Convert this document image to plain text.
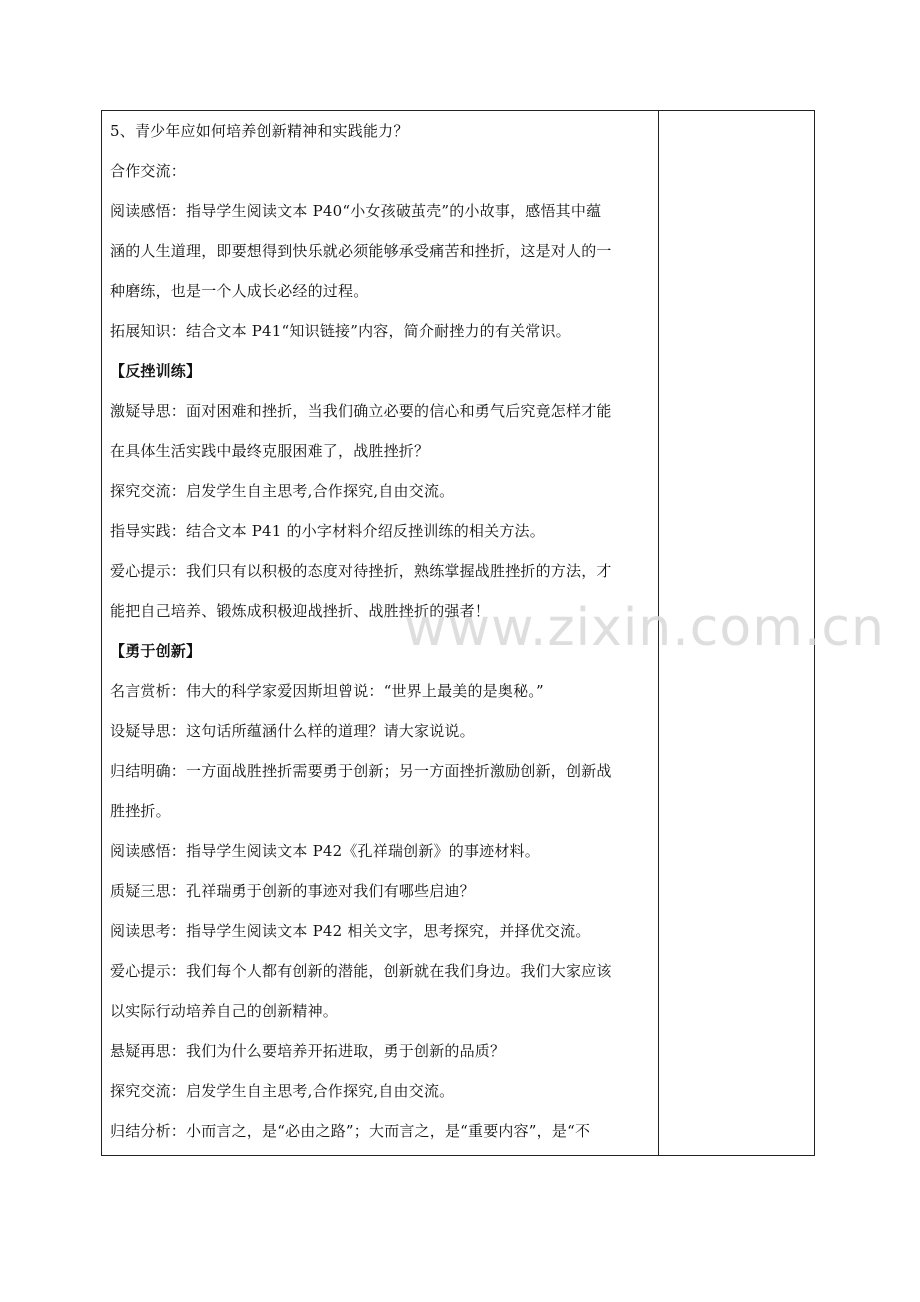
5、青少年应如何培养创新精神和实践能力？
合作交流：
阅读感悟：指导学生阅读文本 P40“小女孩破茧壳”的小故事，感悟其中蕴
涵的人生道理，即要想得到快乐就必须能够承受痛苦和挫折，这是对人的一
种磨练，也是一个人成长必经的过程。
拓展知识：结合文本 P41“知识链接”内容，简介耐挫力的有关常识。
【反挫训练】
激疑导思：面对困难和挫折，当我们确立必要的信心和勇气后究竟怎样才能
在具体生活实践中最终克服困难了，战胜挫折？
探究交流：启发学生自主思考,合作探究,自由交流。
指导实践：结合文本 P41 的小字材料介绍反挫训练的相关方法。
爱心提示：我们只有以积极的态度对待挫折，熟练掌握战胜挫折的方法，才
能把自己培养、锻炼成积极迎战挫折、战胜挫折的强者！
【勇于创新】
名言赏析：伟大的科学家爱因斯坦曾说：“世界上最美的是奥秘。”
设疑导思：这句话所蕴涵什么样的道理？请大家说说。
归结明确：一方面战胜挫折需要勇于创新；另一方面挫折激励创新，创新战
胜挫折。
阅读感悟：指导学生阅读文本 P42《孔祥瑞创新》的事迹材料。
质疑三思：孔祥瑞勇于创新的事迹对我们有哪些启迪？
阅读思考：指导学生阅读文本 P42 相关文字，思考探究，并择优交流。
爱心提示：我们每个人都有创新的潜能，创新就在我们身边。我们大家应该
以实际行动培养自己的创新精神。
悬疑再思：我们为什么要培养开拓进取，勇于创新的品质？
探究交流：启发学生自主思考,合作探究,自由交流。
归结分析：小而言之，是“必由之路”；大而言之，是“重要内容”，是“不
www.zixin.com.cn
